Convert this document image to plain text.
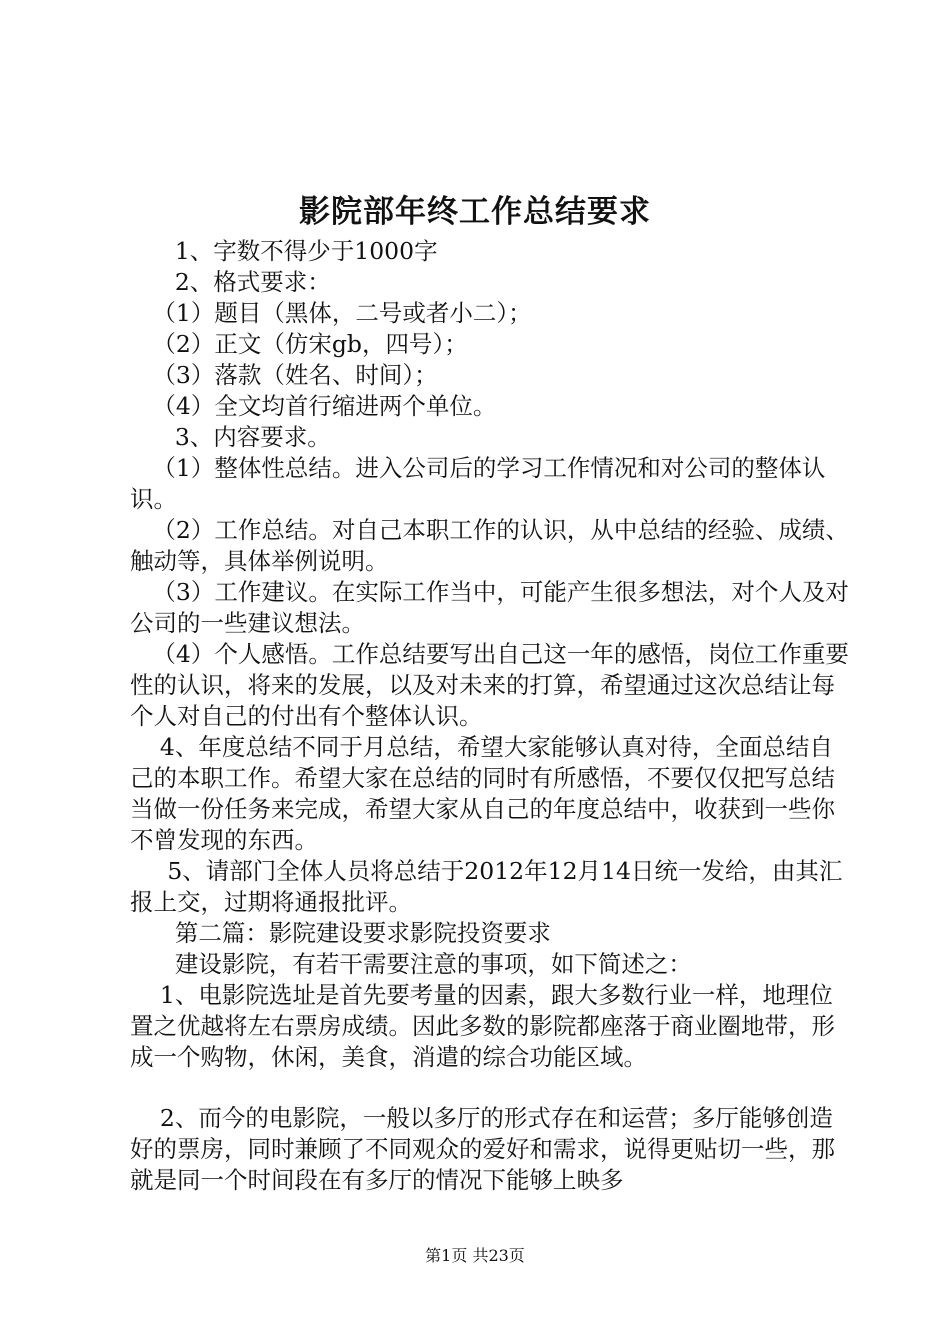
影院部年终工作总结要求

1、字数不得少于1000字

2、格式要求：

（1）题目（黑体，二号或者小二）；

（2）正文（仿宋gb，四号）；

（3）落款（姓名、时间）；

（4）全文均首行缩进两个单位。

3、内容要求。

（1）整体性总结。进入公司后的学习工作情况和对公司的整体认识。

（2）工作总结。对自己本职工作的认识，从中总结的经验、成绩、触动等，具体举例说明。

（3）工作建议。在实际工作当中，可能产生很多想法，对个人及对公司的一些建议想法。

（4）个人感悟。工作总结要写出自己这一年的感悟，岗位工作重要性的认识，将来的发展，以及对未来的打算，希望通过这次总结让每个人对自己的付出有个整体认识。

4、年度总结不同于月总结，希望大家能够认真对待，全面总结自己的本职工作。希望大家在总结的同时有所感悟，不要仅仅把写总结当做一份任务来完成，希望大家从自己的年度总结中，收获到一些你不曾发现的东西。

5、请部门全体人员将总结于2012年12月14日统一发给，由其汇报上交，过期将通报批评。

第二篇：影院建设要求影院投资要求

建设影院，有若干需要注意的事项，如下简述之：

1、电影院选址是首先要考量的因素，跟大多数行业一样，地理位置之优越将左右票房成绩。因此多数的影院都座落于商业圈地带，形成一个购物，休闲，美食，消遣的综合功能区域。

2、而今的电影院，一般以多厅的形式存在和运营；多厅能够创造好的票房，同时兼顾了不同观众的爱好和需求，说得更贴切一些，那就是同一个时间段在有多厅的情况下能够上映多

第1页 共23页
